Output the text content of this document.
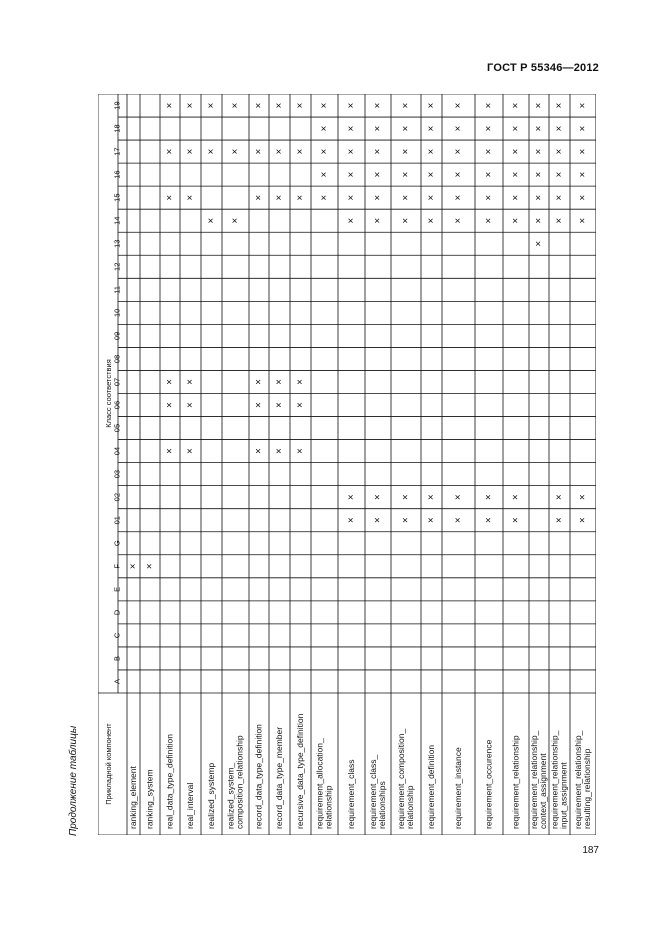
ГОСТ Р 55346—2012
Продолжение таблицы
Класс соответствия
Прикладной компонент
A
B
C
D
E
F
G
01
02
03
04
05
06
07
08
09
10
11
12
13
14
15
16
17
18
19
ranking_element
×
ranking_system
×
real_data_type_definition
×
×
×
×
×
×
real_interval
×
×
×
×
×
×
realized_systemp
×
×
×
realized_system_ composition_relationship
×
×
×
record_data_type_definition
×
×
×
×
×
×
record_data_type_member
×
×
×
×
×
×
recursive_data_type_definition
×
×
×
×
×
×
requirement_allocation_ relationship
×
×
×
×
×
requirement_class
×
×
×
×
×
×
×
×
requirement_class_ relationships
×
×
×
×
×
×
×
×
requirement_composition_ relationship
×
×
×
×
×
×
×
×
requirement_definition
×
×
×
×
×
×
×
×
requirement_instance
×
×
×
×
×
×
×
×
requirement_occurence
×
×
×
×
×
×
×
×
requirement_relationship
×
×
×
×
×
×
×
×
requirement_relationship_ context_assignment
×
×
×
×
×
×
×
requirement_relationship_ input_assignment
×
×
×
×
×
×
×
×
requirement_relationship_ resulting_relationship
×
×
×
×
×
×
×
×
187
